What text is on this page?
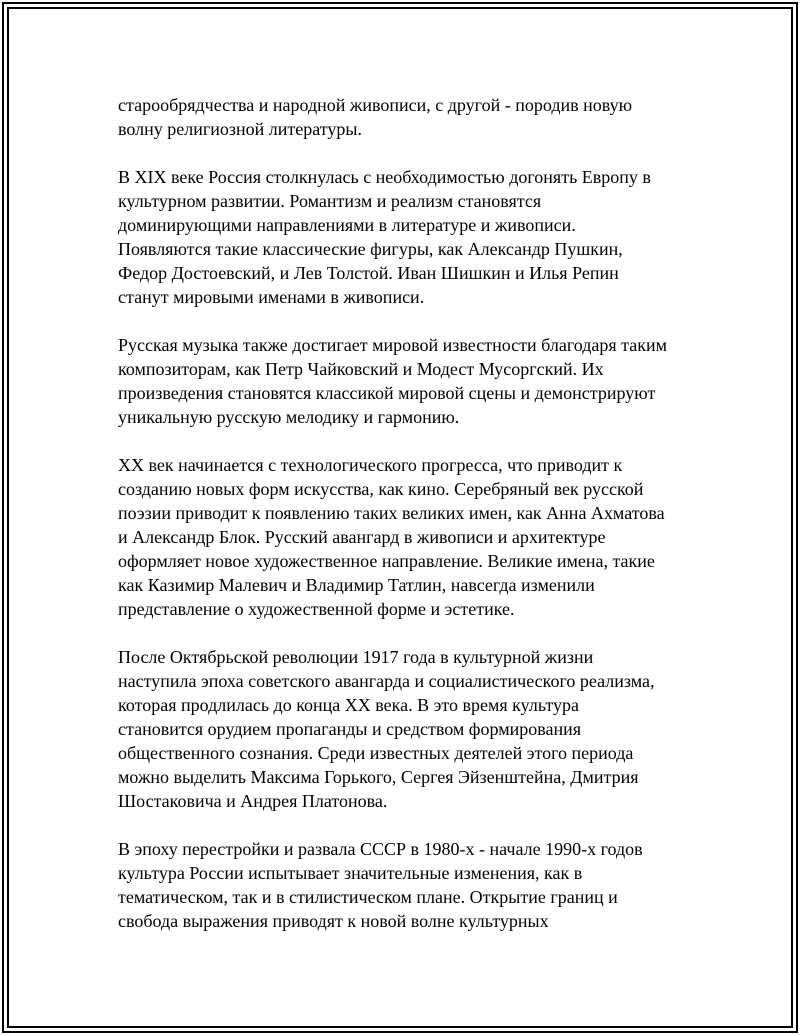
старообрядчества и народной живописи, с другой - породив новую
волну религиозной литературы.

В XIX веке Россия столкнулась с необходимостью догонять Европу в
культурном развитии. Романтизм и реализм становятся
доминирующими направлениями в литературе и живописи.
Появляются такие классические фигуры, как Александр Пушкин,
Федор Достоевский, и Лев Толстой. Иван Шишкин и Илья Репин
станут мировыми именами в живописи.

Русская музыка также достигает мировой известности благодаря таким
композиторам, как Петр Чайковский и Модест Мусоргский. Их
произведения становятся классикой мировой сцены и демонстрируют
уникальную русскую мелодику и гармонию.

XX век начинается с технологического прогресса, что приводит к
созданию новых форм искусства, как кино. Серебряный век русской
поэзии приводит к появлению таких великих имен, как Анна Ахматова
и Александр Блок. Русский авангард в живописи и архитектуре
оформляет новое художественное направление. Великие имена, такие
как Казимир Малевич и Владимир Татлин, навсегда изменили
представление о художественной форме и эстетике.

После Октябрьской революции 1917 года в культурной жизни
наступила эпоха советского авангарда и социалистического реализма,
которая продлилась до конца XX века. В это время культура
становится орудием пропаганды и средством формирования
общественного сознания. Среди известных деятелей этого периода
можно выделить Максима Горького, Сергея Эйзенштейна, Дмитрия
Шостаковича и Андрея Платонова.

В эпоху перестройки и развала СССР в 1980-х - начале 1990-х годов
культура России испытывает значительные изменения, как в
тематическом, так и в стилистическом плане. Открытие границ и
свобода выражения приводят к новой волне культурных
